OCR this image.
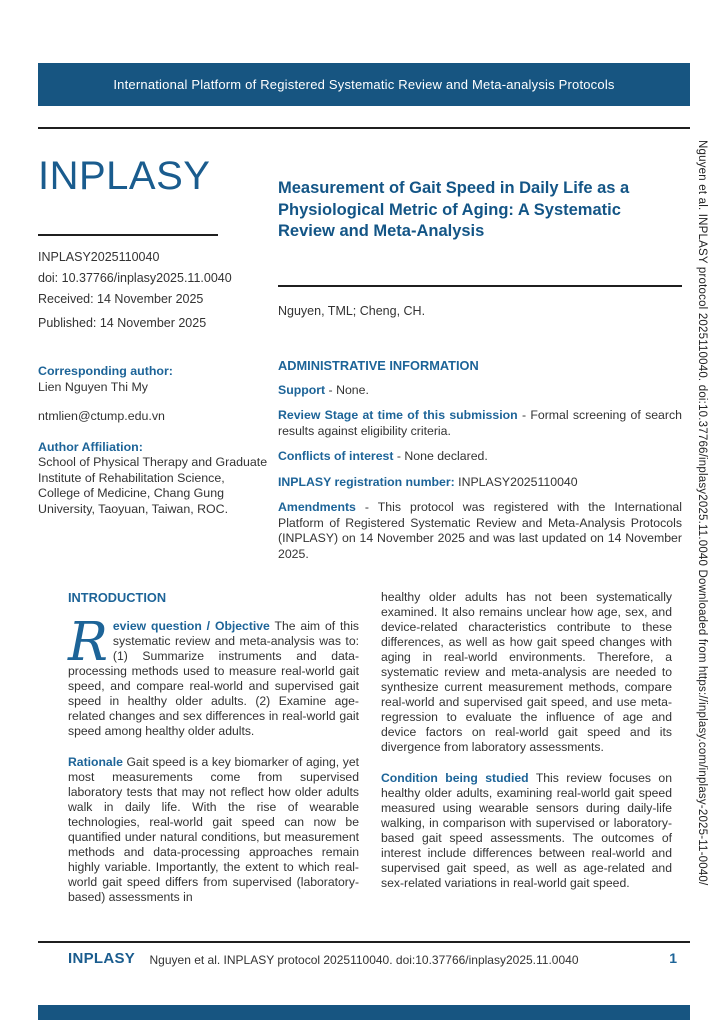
International Platform of Registered Systematic Review and Meta-analysis Protocols
INPLASY

INPLASY2025110040

doi: 10.37766/inplasy2025.11.0040

Received: 14 November 2025

Published: 14 November 2025

Corresponding author:

Lien Nguyen Thi My

ntmlien@ctump.edu.vn

Author Affiliation:

School of Physical Therapy and Graduate Institute of Rehabilitation Science, College of Medicine, Chang Gung University, Taoyuan, Taiwan, ROC.

Measurement of Gait Speed in Daily Life as a Physiological Metric of Aging: A Systematic Review and Meta-Analysis

Nguyen, TML; Cheng, CH.

ADMINISTRATIVE INFORMATION

Support - None.

Review Stage at time of this submission - Formal screening of search results against eligibility criteria.

Conflicts of interest - None declared.

INPLASY registration number: INPLASY2025110040

Amendments - This protocol was registered with the International Platform of Registered Systematic Review and Meta-Analysis Protocols (INPLASY) on 14 November 2025 and was last updated on 14 November 2025.

INTRODUCTION

Review question / Objective The aim of this systematic review and meta-analysis was to: (1) Summarize instruments and data-processing methods used to measure real-world gait speed, and compare real-world and supervised gait speed in healthy older adults. (2) Examine age-related changes and sex differences in real-world gait speed among healthy older adults.

Rationale Gait speed is a key biomarker of aging, yet most measurements come from supervised laboratory tests that may not reflect how older adults walk in daily life. With the rise of wearable technologies, real-world gait speed can now be quantified under natural conditions, but measurement methods and data-processing approaches remain highly variable. Importantly, the extent to which real-world gait speed differs from supervised (laboratory-based) assessments in

healthy older adults has not been systematically examined. It also remains unclear how age, sex, and device-related characteristics contribute to these differences, as well as how gait speed changes with aging in real-world environments. Therefore, a systematic review and meta-analysis are needed to synthesize current measurement methods, compare real-world and supervised gait speed, and use meta-regression to evaluate the influence of age and device factors on real-world gait speed and its divergence from laboratory assessments.

Condition being studied This review focuses on healthy older adults, examining real-world gait speed measured using wearable sensors during daily-life walking, in comparison with supervised or laboratory-based gait speed assessments. The outcomes of interest include differences between real-world and supervised gait speed, as well as age-related and sex-related variations in real-world gait speed.

Nguyen et al. INPLASY protocol 2025110040. doi:10.37766/inplasy2025.11.0040
INPLASY	1
Nguyen et al. INPLASY protocol 2025110040. doi:10.37766/inplasy2025.11.0040 Downloaded from https://inplasy.com/inplasy-2025-11-0040/
